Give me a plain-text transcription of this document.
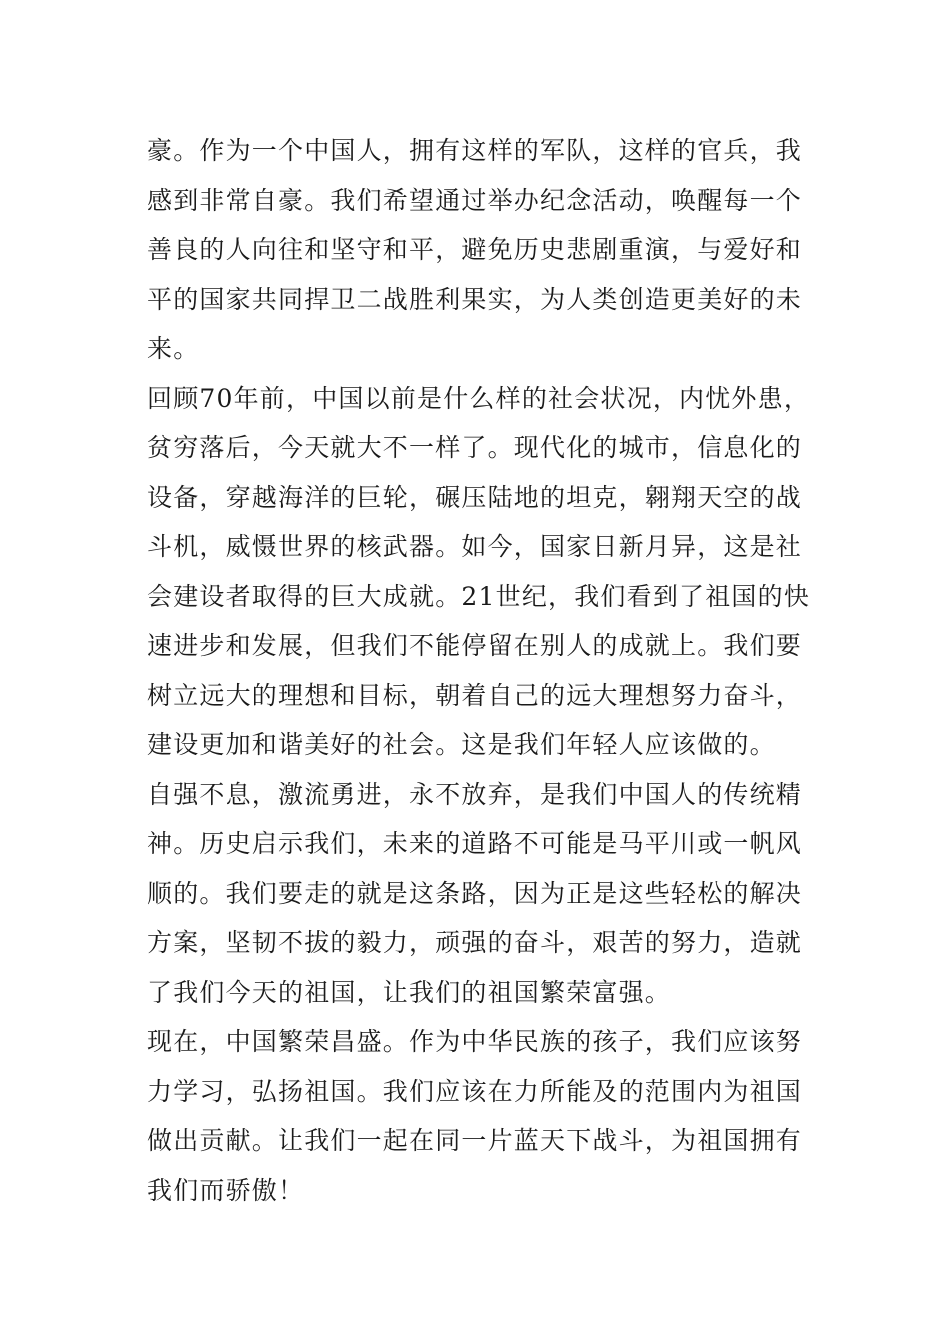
豪。作为一个中国人，拥有这样的军队，这样的官兵，我
感到非常自豪。我们希望通过举办纪念活动，唤醒每一个
善良的人向往和坚守和平，避免历史悲剧重演，与爱好和
平的国家共同捍卫二战胜利果实，为人类创造更美好的未
来。
回顾70年前，中国以前是什么样的社会状况，内忧外患，
贫穷落后，今天就大不一样了。现代化的城市，信息化的
设备，穿越海洋的巨轮，碾压陆地的坦克，翱翔天空的战
斗机，威慑世界的核武器。如今，国家日新月异，这是社
会建设者取得的巨大成就。21世纪，我们看到了祖国的快
速进步和发展，但我们不能停留在别人的成就上。我们要
树立远大的理想和目标，朝着自己的远大理想努力奋斗，
建设更加和谐美好的社会。这是我们年轻人应该做的。
自强不息，激流勇进，永不放弃，是我们中国人的传统精
神。历史启示我们，未来的道路不可能是马平川或一帆风
顺的。我们要走的就是这条路，因为正是这些轻松的解决
方案，坚韧不拔的毅力，顽强的奋斗，艰苦的努力，造就
了我们今天的祖国，让我们的祖国繁荣富强。
现在，中国繁荣昌盛。作为中华民族的孩子，我们应该努
力学习，弘扬祖国。我们应该在力所能及的范围内为祖国
做出贡献。让我们一起在同一片蓝天下战斗，为祖国拥有
我们而骄傲！
